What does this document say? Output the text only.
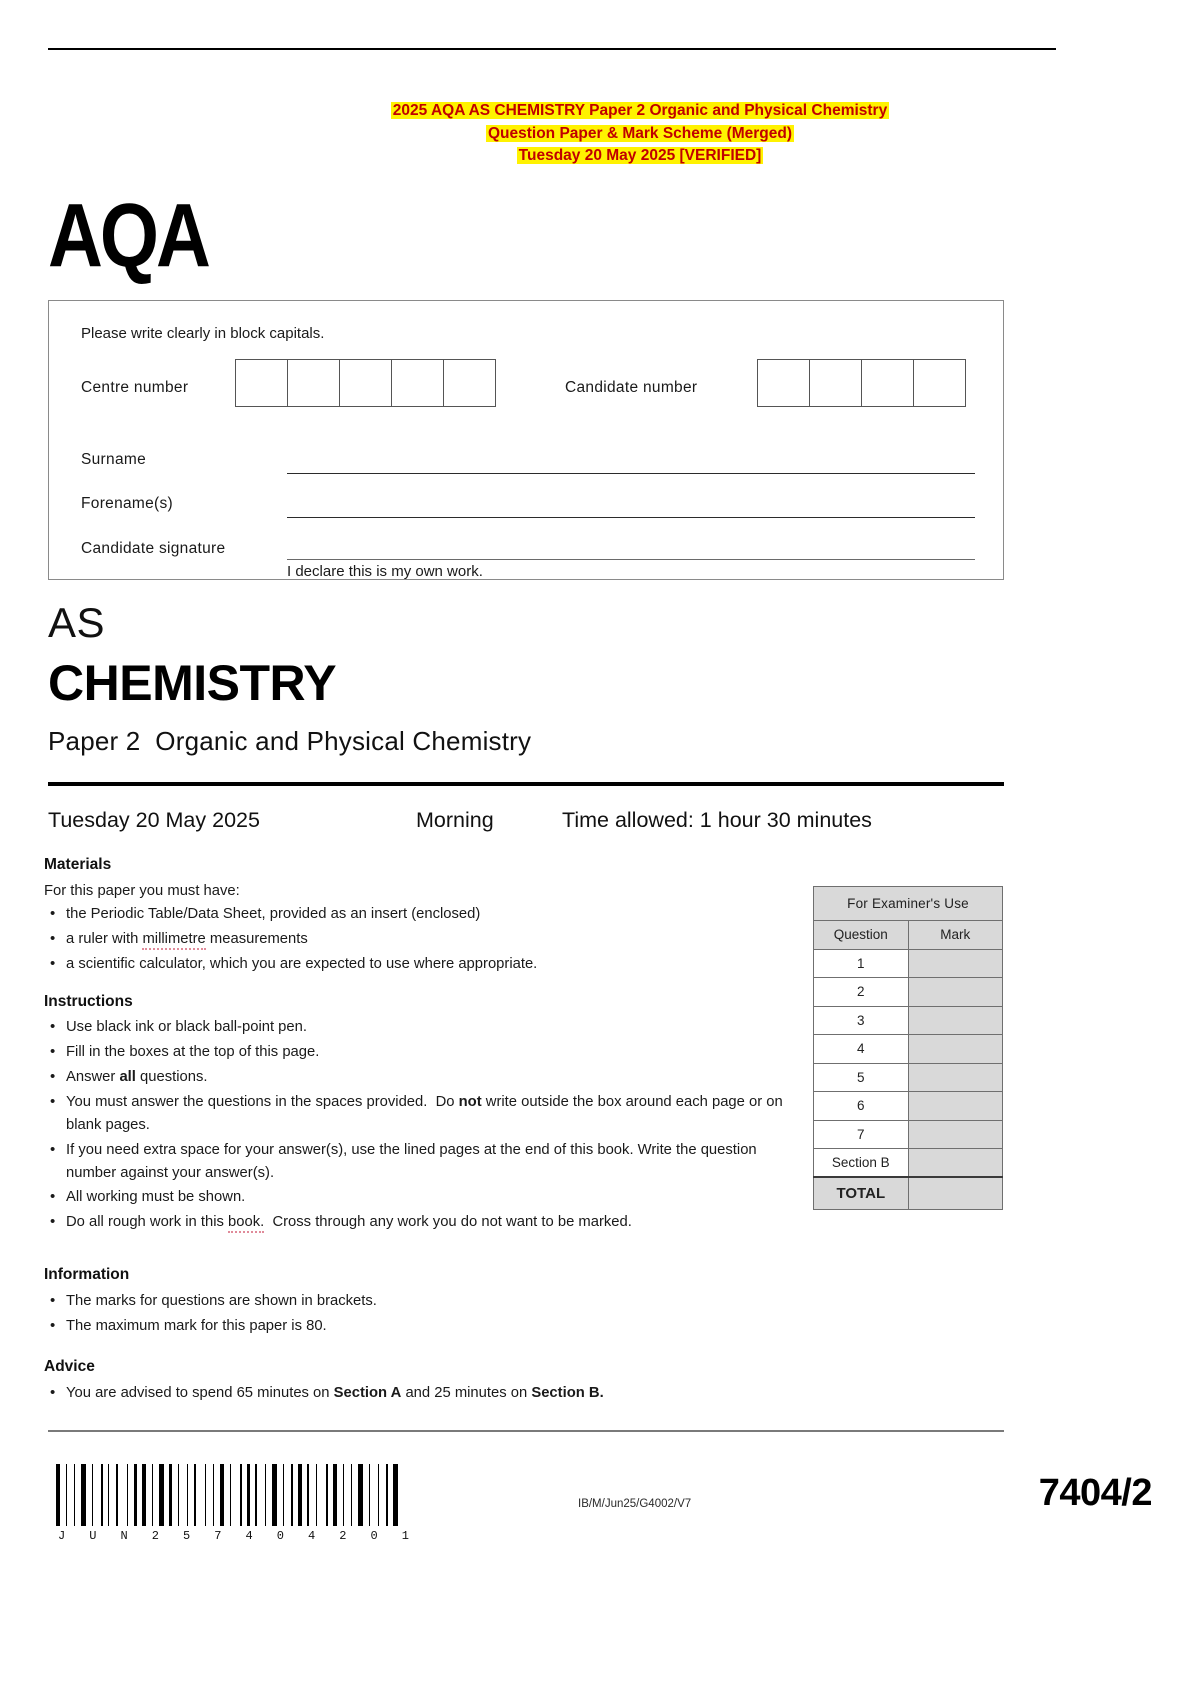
2025 AQA AS CHEMISTRY Paper 2 Organic and Physical Chemistry
Question Paper & Mark Scheme (Merged)
Tuesday 20 May 2025 [VERIFIED]
AQA
Please write clearly in block capitals.
Centre number	Candidate number
Surname
Forename(s)
Candidate signature
I declare this is my own work.
AS
CHEMISTRY
Paper 2  Organic and Physical Chemistry
Tuesday 20 May 2025	Morning	Time allowed: 1 hour 30 minutes
Materials
For this paper you must have:
• the Periodic Table/Data Sheet, provided as an insert (enclosed)
• a ruler with millimetre measurements
• a scientific calculator, which you are expected to use where appropriate.
Instructions
• Use black ink or black ball-point pen.
• Fill in the boxes at the top of this page.
• Answer all questions.
• You must answer the questions in the spaces provided.  Do not write outside the box around each page or on blank pages.
• If you need extra space for your answer(s), use the lined pages at the end of this book. Write the question number against your answer(s).
• All working must be shown.
• Do all rough work in this book.  Cross through any work you do not want to be marked.
Information
• The marks for questions are shown in brackets.
• The maximum mark for this paper is 80.
Advice
• You are advised to spend 65 minutes on Section A and 25 minutes on Section B.
For Examiner's Use	
Question	Mark
1	
2	
3	
4	
5	
6	
7	
Section B	
TOTAL	
J U N 2 5 7 4 0 4 2 0 1
IB/M/Jun25/G4002/V7	7404/2
